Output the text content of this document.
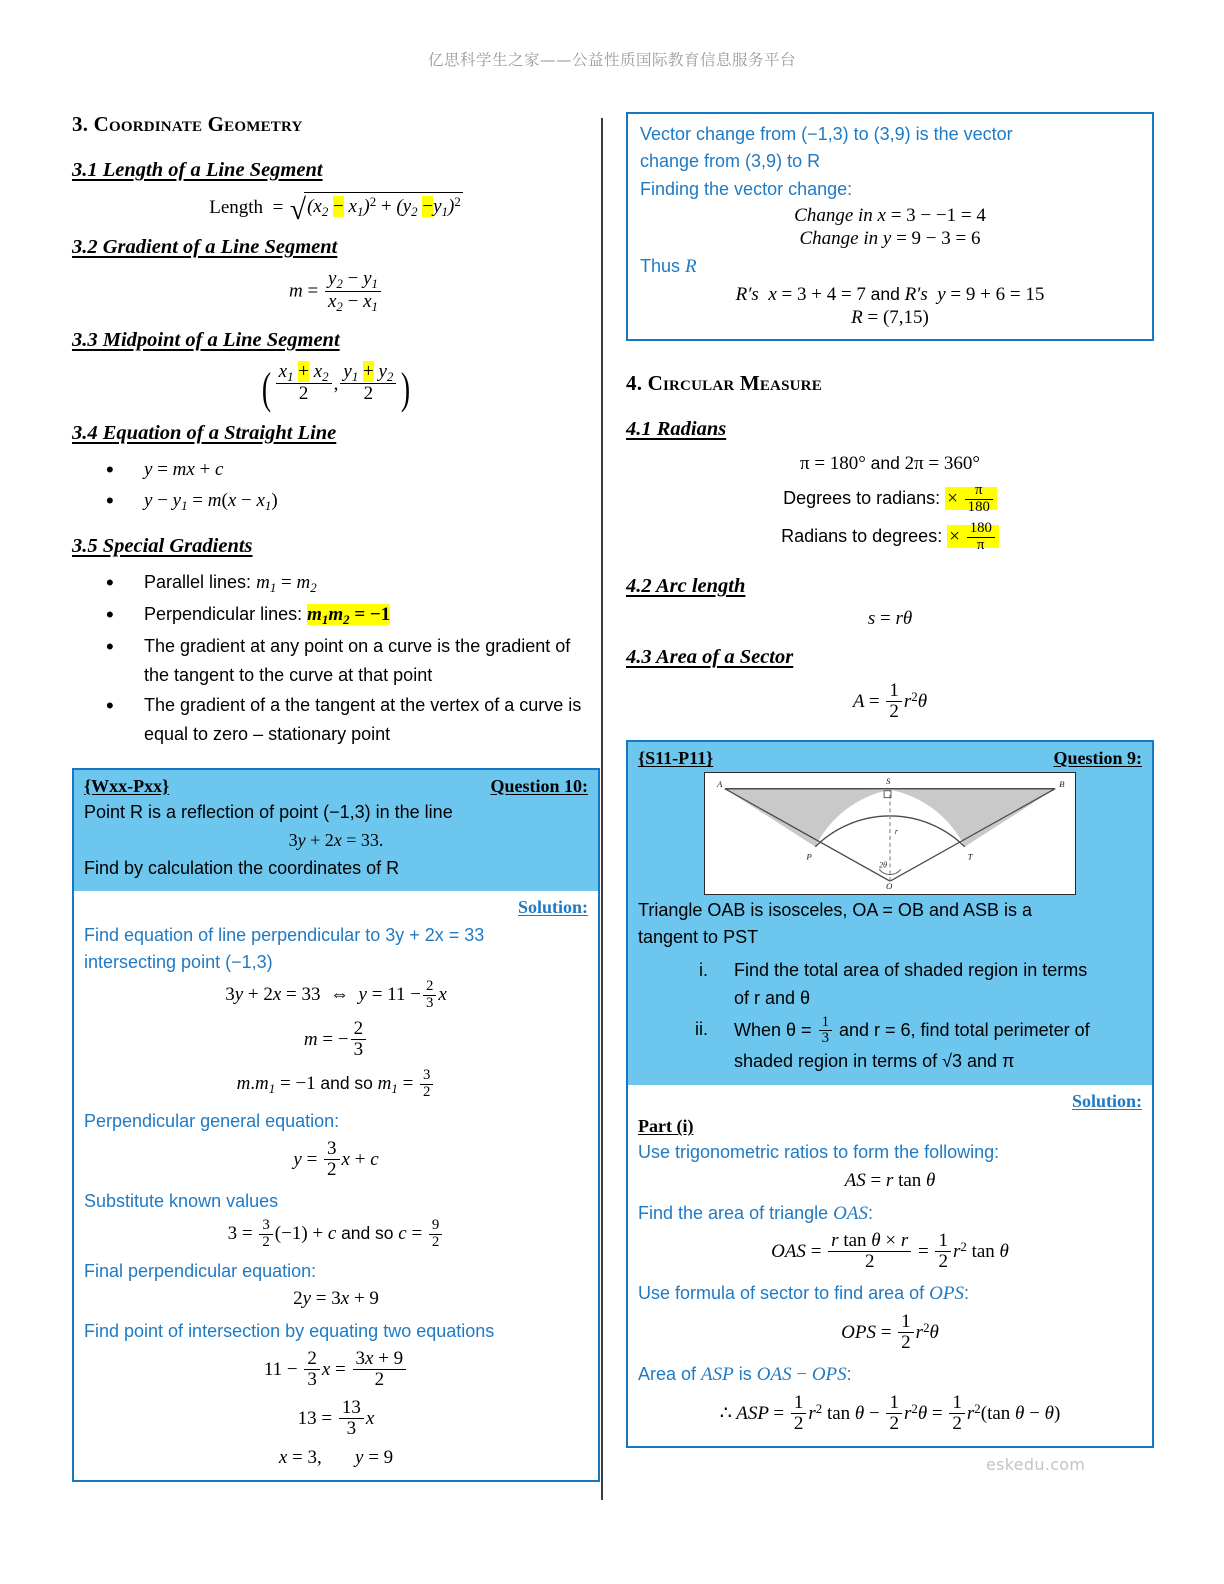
亿思科学生之家——公益性质国际教育信息服务平台
3. Coordinate Geometry
3.1 Length of a Line Segment
Length  = $√(x_2 - x_1)^2 + (y_2 -y_1)^2$
3.2 Gradient of a Line Segment
$m = \frac{y_2 - y_1}{x_2 - x_1}$
3.3 Midpoint of a Line Segment
( $\frac{x_1 + x_2}{2}$ , $\frac{y_1 + y_2}{2}$ )
3.4 Equation of a Straight Line
• y = mx + c
• $y - y_1 = m(x - x_1)$
3.5 Special Gradients
• Parallel lines: $m_1 = m_2$
• Perpendicular lines: $m_1m_2 = -1$
• The gradient at any point on a curve is the gradient of the tangent to the curve at that point
• The gradient of a the tangent at the vertex of a curve is equal to zero – stationary point
{Wxx-Pxx}	Question 10:
Point R is a reflection of point (−1,3) in the line
3y + 2x = 33.
Find by calculation the coordinates of R
Solution:
Find equation of line perpendicular to 3y + 2x = 33
intersecting point (−1,3)
3y + 2x = 33 ⇔ $y = 11 - \frac{2}{3}$ x
m = − $\frac{2}{3}$
$m.m_1 = -1$ and so $m_1 = \frac{3}{2}$
Perpendicular general equation:
$y = \frac{3}{2}$ x + c
Substitute known values
$3 = \frac{3}{2} (-1) + c$ and so $c = \frac{9}{2}$
Final perpendicular equation:
2y = 3x + 9
Find point of intersection by equating two equations
$11 - \frac{2}{3}$ $x = \frac{3x + 9}{2}$
$13 = \frac{13}{3}$ x
x = 3, y = 9
Vector change from (−1,3) to (3,9) is the vector
change from (3,9) to R
Finding the vector change:
Change in x = 3 − −1 = 4
Change in y = 9 − 3 = 6
Thus R
R′s x = 3 + 4 = 7 and R′s y = 9 + 6 = 15
R = (7,15)
4. Circular Measure
4.1 Radians
π = 180° and 2π = 360°
Degrees to radians: × $\frac{\pi}{180}$
Radians to degrees: × $\frac{180}{\pi}$
4.2 Arc length
s = rθ
4.3 Area of a Sector
$A = \frac{1}{2} r^2\theta$
{S11-P11}	Question 9:
A	S	B
P	T
O
r
2θ
Triangle OAB is isosceles, OA = OB and ASB is a
tangent to PST
i. Find the total area of shaded region in terms
of r and θ
ii. When $\theta = \frac{1}{3}$ and r = 6, find total perimeter of
shaded region in terms of √3 and π
Solution:
Part (i)
Use trigonometric ratios to form the following:
AS = r tan θ
Find the area of triangle OAS:
OAS = $\frac{\text{r tan θ × r}}{2} = \frac{1}{2} r^2$ tan θ
Use formula of sector to find area of OPS:
OPS = $\frac{1}{2} r^2\theta$
Area of ASP is OAS − OPS:
∴ ASP = $\frac{1}{2} r^2$ $\tan \theta - \frac{1}{2} r^2\theta = \frac{1}{2} r^2(\tan$ θ − θ)
eskedu.com
